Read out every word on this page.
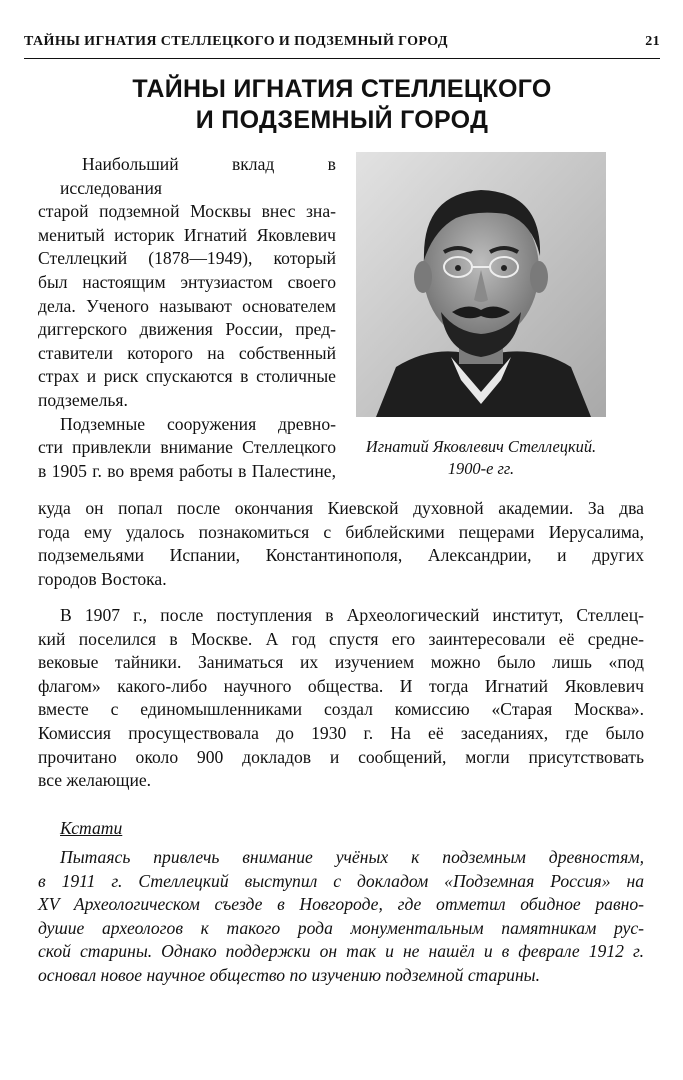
ТАЙНЫ ИГНАТИЯ СТЕЛЛЕЦКОГО И ПОДЗЕМНЫЙ ГОРОД	21
ТАЙНЫ ИГНАТИЯ СТЕЛЛЕЦКОГО
И ПОДЗЕМНЫЙ ГОРОД
Наибольший вклад в исследования
старой подземной Москвы внес зна-
менитый историк Игнатий Яковлевич
Стеллецкий (1878—1949), который
был настоящим энтузиастом своего
дела. Ученого называют основателем
диггерского движения России, пред-
ставители которого на собственный
страх и риск спускаются в столичные
подземелья.
Подземные сооружения древно-
сти привлекли внимание Стеллецкого
в 1905 г. во время работы в Палестине,
Игнатий Яковлевич Стеллецкий.
1900-е гг.
куда он попал после окончания Киевской духовной академии. За два
года ему удалось познакомиться с библейскими пещерами Иерусалима,
подземельями Испании, Константинополя, Александрии, и других
городов Востока.
В 1907 г., после поступления в Археологический институт, Стеллец-
кий поселился в Москве. А год спустя его заинтересовали её средне-
вековые тайники. Заниматься их изучением можно было лишь «под
флагом» какого-либо научного общества. И тогда Игнатий Яковлевич
вместе с единомышленниками создал комиссию «Старая Москва».
Комиссия просуществовала до 1930 г. На её заседаниях, где было
прочитано около 900 докладов и сообщений, могли присутствовать
все желающие.
Кстати
Пытаясь привлечь внимание учёных к подземным древностям,
в 1911 г. Стеллецкий выступил с докладом «Подземная Россия» на
XV Археологическом съезде в Новгороде, где отметил обидное равно-
душие археологов к такого рода монументальным памятникам рус-
ской старины. Однако поддержки он так и не нашёл и в феврале 1912 г.
основал новое научное общество по изучению подземной старины.
